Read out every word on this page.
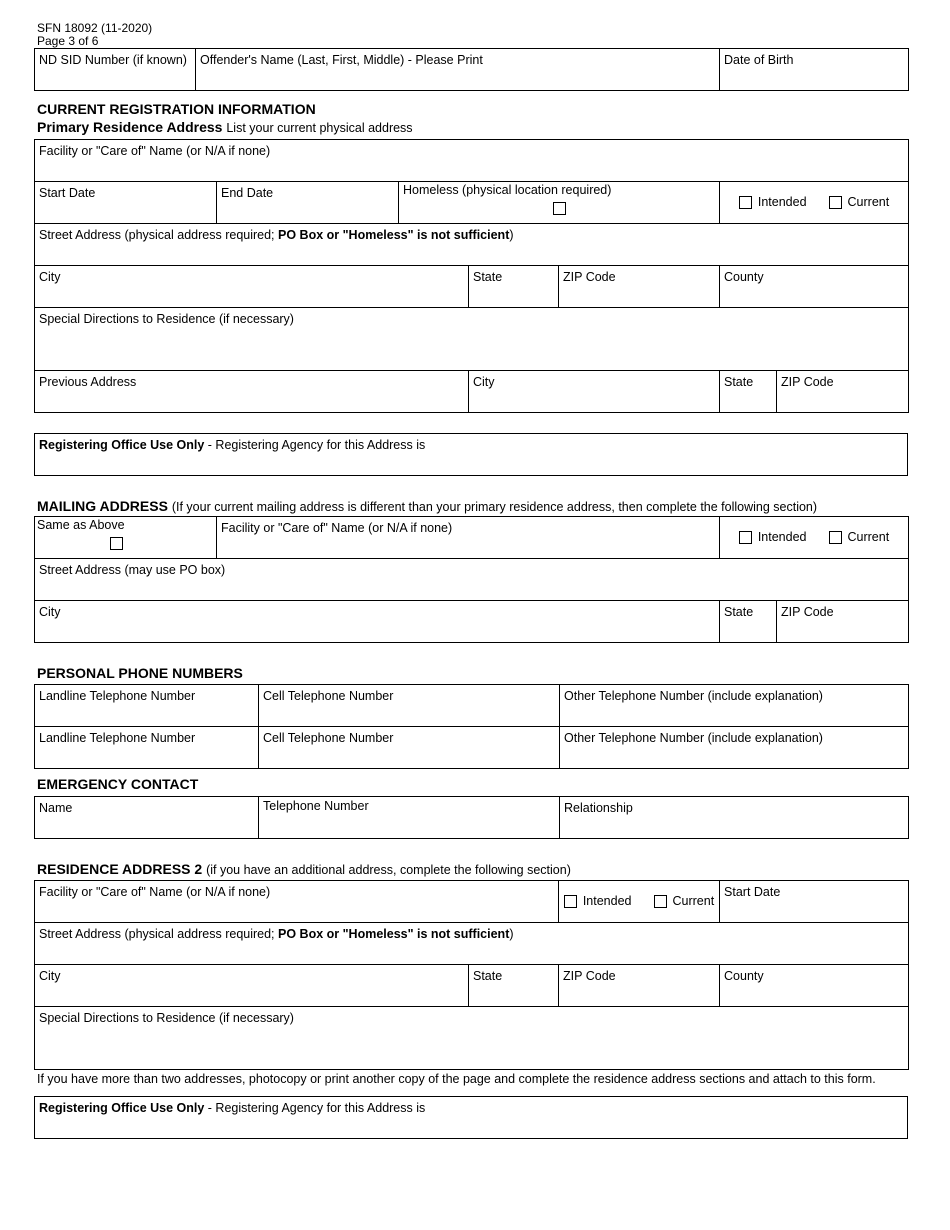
SFN 18092 (11-2020)
Page 3 of 6
ND SID Number (if known)	Offender's Name (Last, First, Middle) - Please Print	Date of Birth
CURRENT REGISTRATION INFORMATION
Primary Residence Address List your current physical address
Facility or "Care of" Name (or N/A if none)						
Start Date	End Date	Homeless (physical location required)			Intended Current	

Street Address (physical address required; PO Box or "Homeless" is not sufficient)						
City			State	ZIP Code	County	
Special Directions to Residence (if necessary)						
Previous Address			City		State	ZIP Code
Registering Office Use Only - Registering Agency for this Address is
MAILING ADDRESS (If your current mailing address is different than your primary residence address, then complete the following section)
Same as Above	Facility or "Care of" Name (or N/A if none)	Intended Current	

Street Address (may use PO box)			
City		State	ZIP Code
PERSONAL PHONE NUMBERS
Landline Telephone Number	Cell Telephone Number	Other Telephone Number (include explanation)
Landline Telephone Number	Cell Telephone Number	Other Telephone Number (include explanation)
EMERGENCY CONTACT
Name	Telephone Number	Relationship
RESIDENCE ADDRESS 2 (if you have an additional address, complete the following section)
Facility or "Care of" Name (or N/A if none)		Intended Current	Start Date
Street Address (physical address required; PO Box or "Homeless" is not sufficient)			
City	State	ZIP Code	County
Special Directions to Residence (if necessary)			
If you have more than two addresses, photocopy or print another copy of the page and complete the residence address sections and attach to this form.
Registering Office Use Only - Registering Agency for this Address is
